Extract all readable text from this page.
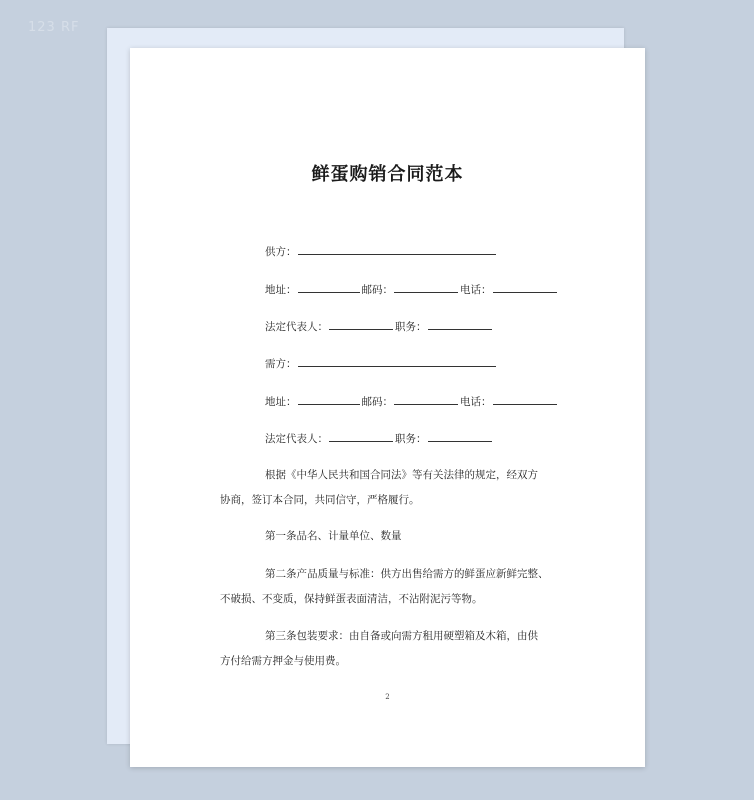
123 RF
鲜蛋购销合同范本
供方：
地址：	邮码：	电话：
法定代表人：	职务：
需方：
地址：	邮码：	电话：
法定代表人：	职务：
根据《中华人民共和国合同法》等有关法律的规定，经双方
协商，签订本合同，共同信守，严格履行。
第一条品名、计量单位、数量
第二条产品质量与标准：供方出售给需方的鲜蛋应新鲜完整、
不破损、不变质，保持鲜蛋表面清洁，不沾附泥污等物。
第三条包装要求：由自备或向需方租用硬塑箱及木箱，由供
方付给需方押金与使用费。
2
